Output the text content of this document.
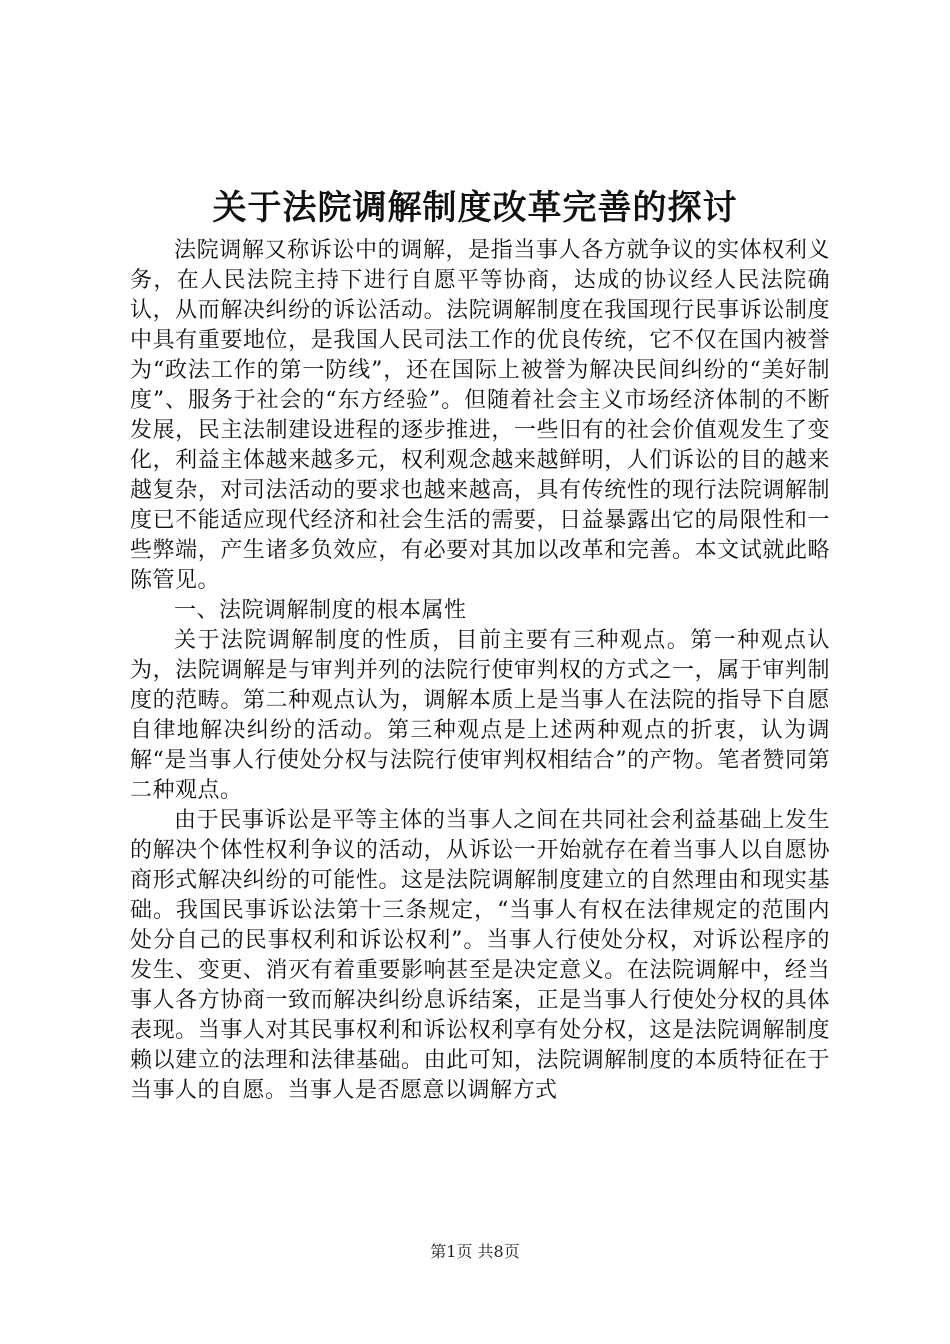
关于法院调解制度改革完善的探讨

法院调解又称诉讼中的调解，是指当事人各方就争议的实体权利义务，在人民法院主持下进行自愿平等协商，达成的协议经人民法院确认，从而解决纠纷的诉讼活动。法院调解制度在我国现行民事诉讼制度中具有重要地位，是我国人民司法工作的优良传统，它不仅在国内被誉为“政法工作的第一防线”，还在国际上被誉为解决民间纠纷的“美好制度”、服务于社会的“东方经验”。但随着社会主义市场经济体制的不断发展，民主法制建设进程的逐步推进，一些旧有的社会价值观发生了变化，利益主体越来越多元，权利观念越来越鲜明，人们诉讼的目的越来越复杂，对司法活动的要求也越来越高，具有传统性的现行法院调解制度已不能适应现代经济和社会生活的需要，日益暴露出它的局限性和一些弊端，产生诸多负效应，有必要对其加以改革和完善。本文试就此略陈管见。

一、法院调解制度的根本属性

关于法院调解制度的性质，目前主要有三种观点。第一种观点认为，法院调解是与审判并列的法院行使审判权的方式之一，属于审判制度的范畴。第二种观点认为，调解本质上是当事人在法院的指导下自愿自律地解决纠纷的活动。第三种观点是上述两种观点的折衷，认为调解“是当事人行使处分权与法院行使审判权相结合”的产物。笔者赞同第二种观点。

由于民事诉讼是平等主体的当事人之间在共同社会利益基础上发生的解决个体性权利争议的活动，从诉讼一开始就存在着当事人以自愿协商形式解决纠纷的可能性。这是法院调解制度建立的自然理由和现实基础。我国民事诉讼法第十三条规定，“当事人有权在法律规定的范围内处分自己的民事权利和诉讼权利”。当事人行使处分权，对诉讼程序的发生、变更、消灭有着重要影响甚至是决定意义。在法院调解中，经当事人各方协商一致而解决纠纷息诉结案，正是当事人行使处分权的具体表现。当事人对其民事权利和诉讼权利享有处分权，这是法院调解制度赖以建立的法理和法律基础。由此可知，法院调解制度的本质特征在于当事人的自愿。当事人是否愿意以调解方式

第1页 共8页
